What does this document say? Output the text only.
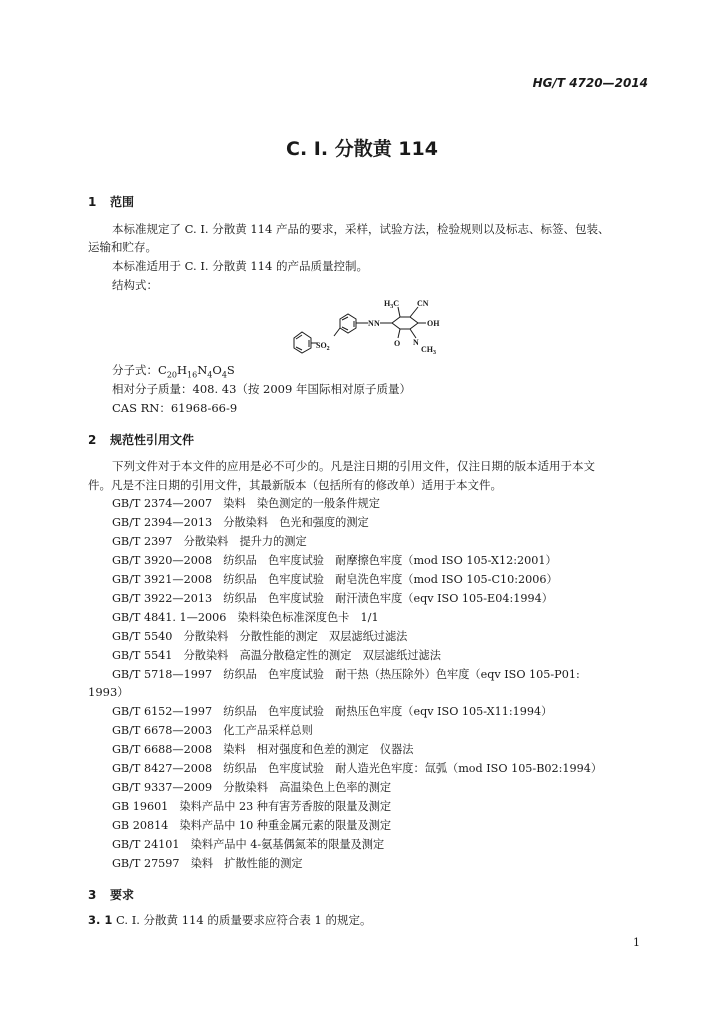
HG/T 4720—2014
C. I. 分散黄 114
1 范围
本标准规定了 C. I. 分散黄 114 产品的要求，采样，试验方法，检验规则以及标志、标签、包装、
运输和贮存。
本标准适用于 C. I. 分散黄 114 的产品质量控制。
结构式：
$SO_2$
N N
$H_3C$ CN
OH
N
$CH_3$
O
分子式：$C_{20}H_{16}N_4O_4S$
相对分子质量：408. 43（按 2009 年国际相对原子质量）
CAS RN：61968-66-9
2 规范性引用文件
下列文件对于本文件的应用是必不可少的。凡是注日期的引用文件，仅注日期的版本适用于本文
件。凡是不注日期的引用文件，其最新版本（包括所有的修改单）适用于本文件。
GB/T 2374—2007　染料　染色测定的一般条件规定
GB/T 2394—2013　分散染料　色光和强度的测定
GB/T 2397　分散染料　提升力的测定
GB/T 3920—2008　纺织品　色牢度试验　耐摩擦色牢度（mod ISO 105-X12:2001）
GB/T 3921—2008　纺织品　色牢度试验　耐皂洗色牢度（mod ISO 105-C10:2006）
GB/T 3922—2013　纺织品　色牢度试验　耐汗渍色牢度（eqv ISO 105-E04:1994）
GB/T 4841. 1—2006　染料染色标准深度色卡　1/1
GB/T 5540　分散染料　分散性能的测定　双层滤纸过滤法
GB/T 5541　分散染料　高温分散稳定性的测定　双层滤纸过滤法
GB/T 5718—1997　纺织品　色牢度试验　耐干热（热压除外）色牢度（eqv ISO 105-P01:
1993）
GB/T 6152—1997　纺织品　色牢度试验　耐热压色牢度（eqv ISO 105-X11:1994）
GB/T 6678—2003　化工产品采样总则
GB/T 6688—2008　染料　相对强度和色差的测定　仪器法
GB/T 8427—2008　纺织品　色牢度试验　耐人造光色牢度：氙弧（mod ISO 105-B02:1994）
GB/T 9337—2009　分散染料　高温染色上色率的测定
GB 19601　染料产品中 23 种有害芳香胺的限量及测定
GB 20814　染料产品中 10 种重金属元素的限量及测定
GB/T 24101　染料产品中 4-氨基偶氮苯的限量及测定
GB/T 27597　染料　扩散性能的测定
3 要求
3. 1 C. I. 分散黄 114 的质量要求应符合表 1 的规定。
1
